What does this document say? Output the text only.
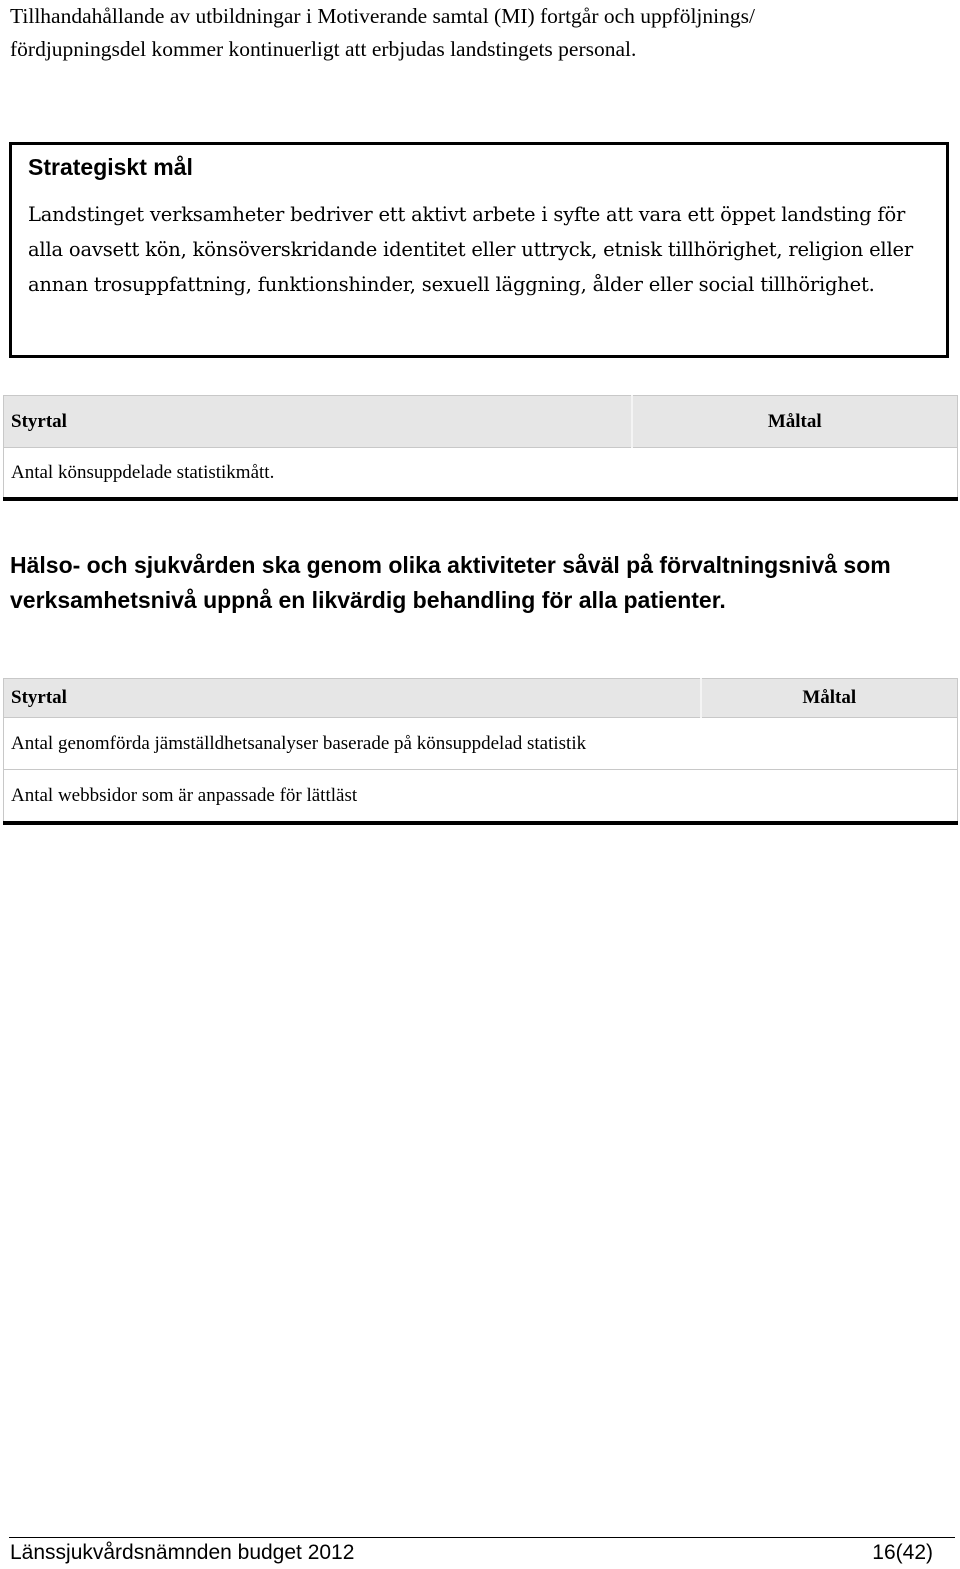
Tillhandahållande av utbildningar i Motiverande samtal (MI) fortgår och uppföljnings/
fördjupningsdel kommer kontinuerligt att erbjudas landstingets personal.
Strategiskt mål

Landstinget verksamheter bedriver ett aktivt arbete i syfte att vara ett öppet landsting för alla oavsett kön, könsöverskridande identitet eller uttryck, etnisk tillhörighet, religion eller annan trosuppfattning, funktionshinder, sexuell läggning, ålder eller social tillhörighet.

Styrtal	Måltal
Antal könsuppdelade statistikmått.	
Hälso- och sjukvården ska genom olika aktiviteter såväl på förvaltningsnivå som verksamhetsnivå uppnå en likvärdig behandling för alla patienter.
Styrtal	Måltal
Antal genomförda jämställdhetsanalyser baserade på könsuppdelad statistik	
Antal webbsidor som är anpassade för lättläst	
Länssjukvårdsnämnden budget 2012	16(42)
